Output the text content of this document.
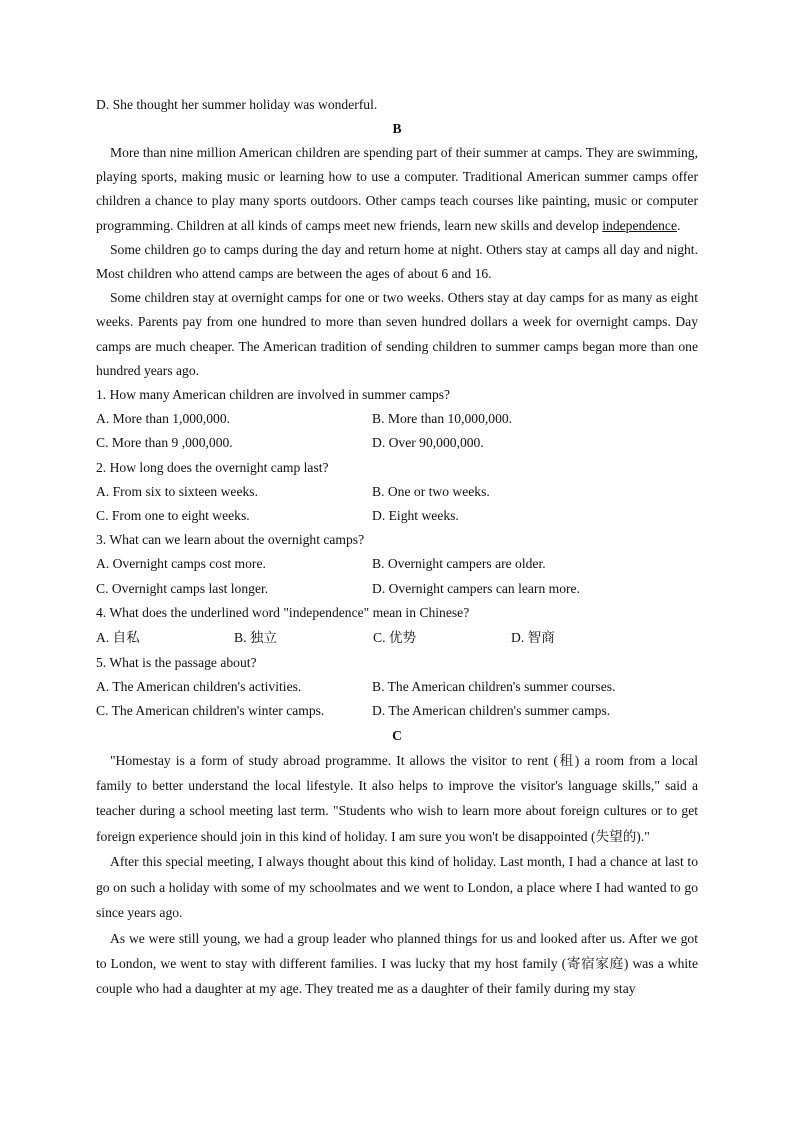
D. She thought her summer holiday was wonderful.
B

More than nine million American children are spending part of their summer at camps. They are swimming, playing sports, making music or learning how to use a computer. Traditional American summer camps offer children a chance to play many sports outdoors. Other camps teach courses like painting, music or computer programming. Children at all kinds of camps meet new friends, learn new skills and develop independence.

Some children go to camps during the day and return home at night. Others stay at camps all day and night. Most children who attend camps are between the ages of about 6 and 16.

Some children stay at overnight camps for one or two weeks. Others stay at day camps for as many as eight weeks. Parents pay from one hundred to more than seven hundred dollars a week for overnight camps. Day camps are much cheaper. The American tradition of sending children to summer camps began more than one hundred years ago.

1. How many American children are involved in summer camps?
A. More than 1,000,000.	B. More than 10,000,000.
C. More than 9 ,000,000.	D. Over 90,000,000.
2. How long does the overnight camp last?
A. From six to sixteen weeks.	B. One or two weeks.
C. From one to eight weeks.	D. Eight weeks.
3. What can we learn about the overnight camps?
A. Overnight camps cost more.	B. Overnight campers are older.
C. Overnight camps last longer.	D. Overnight campers can learn more.
4. What does the underlined word "independence" mean in Chinese?
A. 自私	B. 独立	C. 优势	D. 智商
5. What is the passage about?
A. The American children's activities.	B. The American children's summer courses.
C. The American children's winter camps.	D. The American children's summer camps.
C

"Homestay is a form of study abroad programme. It allows the visitor to rent (租) a room from a local family to better understand the local lifestyle. It also helps to improve the visitor's language skills," said a teacher during a school meeting last term. "Students who wish to learn more about foreign cultures or to get foreign experience should join in this kind of holiday. I am sure you won't be disappointed (失望的)."

After this special meeting, I always thought about this kind of holiday. Last month, I had a chance at last to go on such a holiday with some of my schoolmates and we went to London, a place where I had wanted to go since years ago.

As we were still young, we had a group leader who planned things for us and looked after us. After we got to London, we went to stay with different families. I was lucky that my host family (寄宿家庭) was a white couple who had a daughter at my age. They treated me as a daughter of their family during my stay
